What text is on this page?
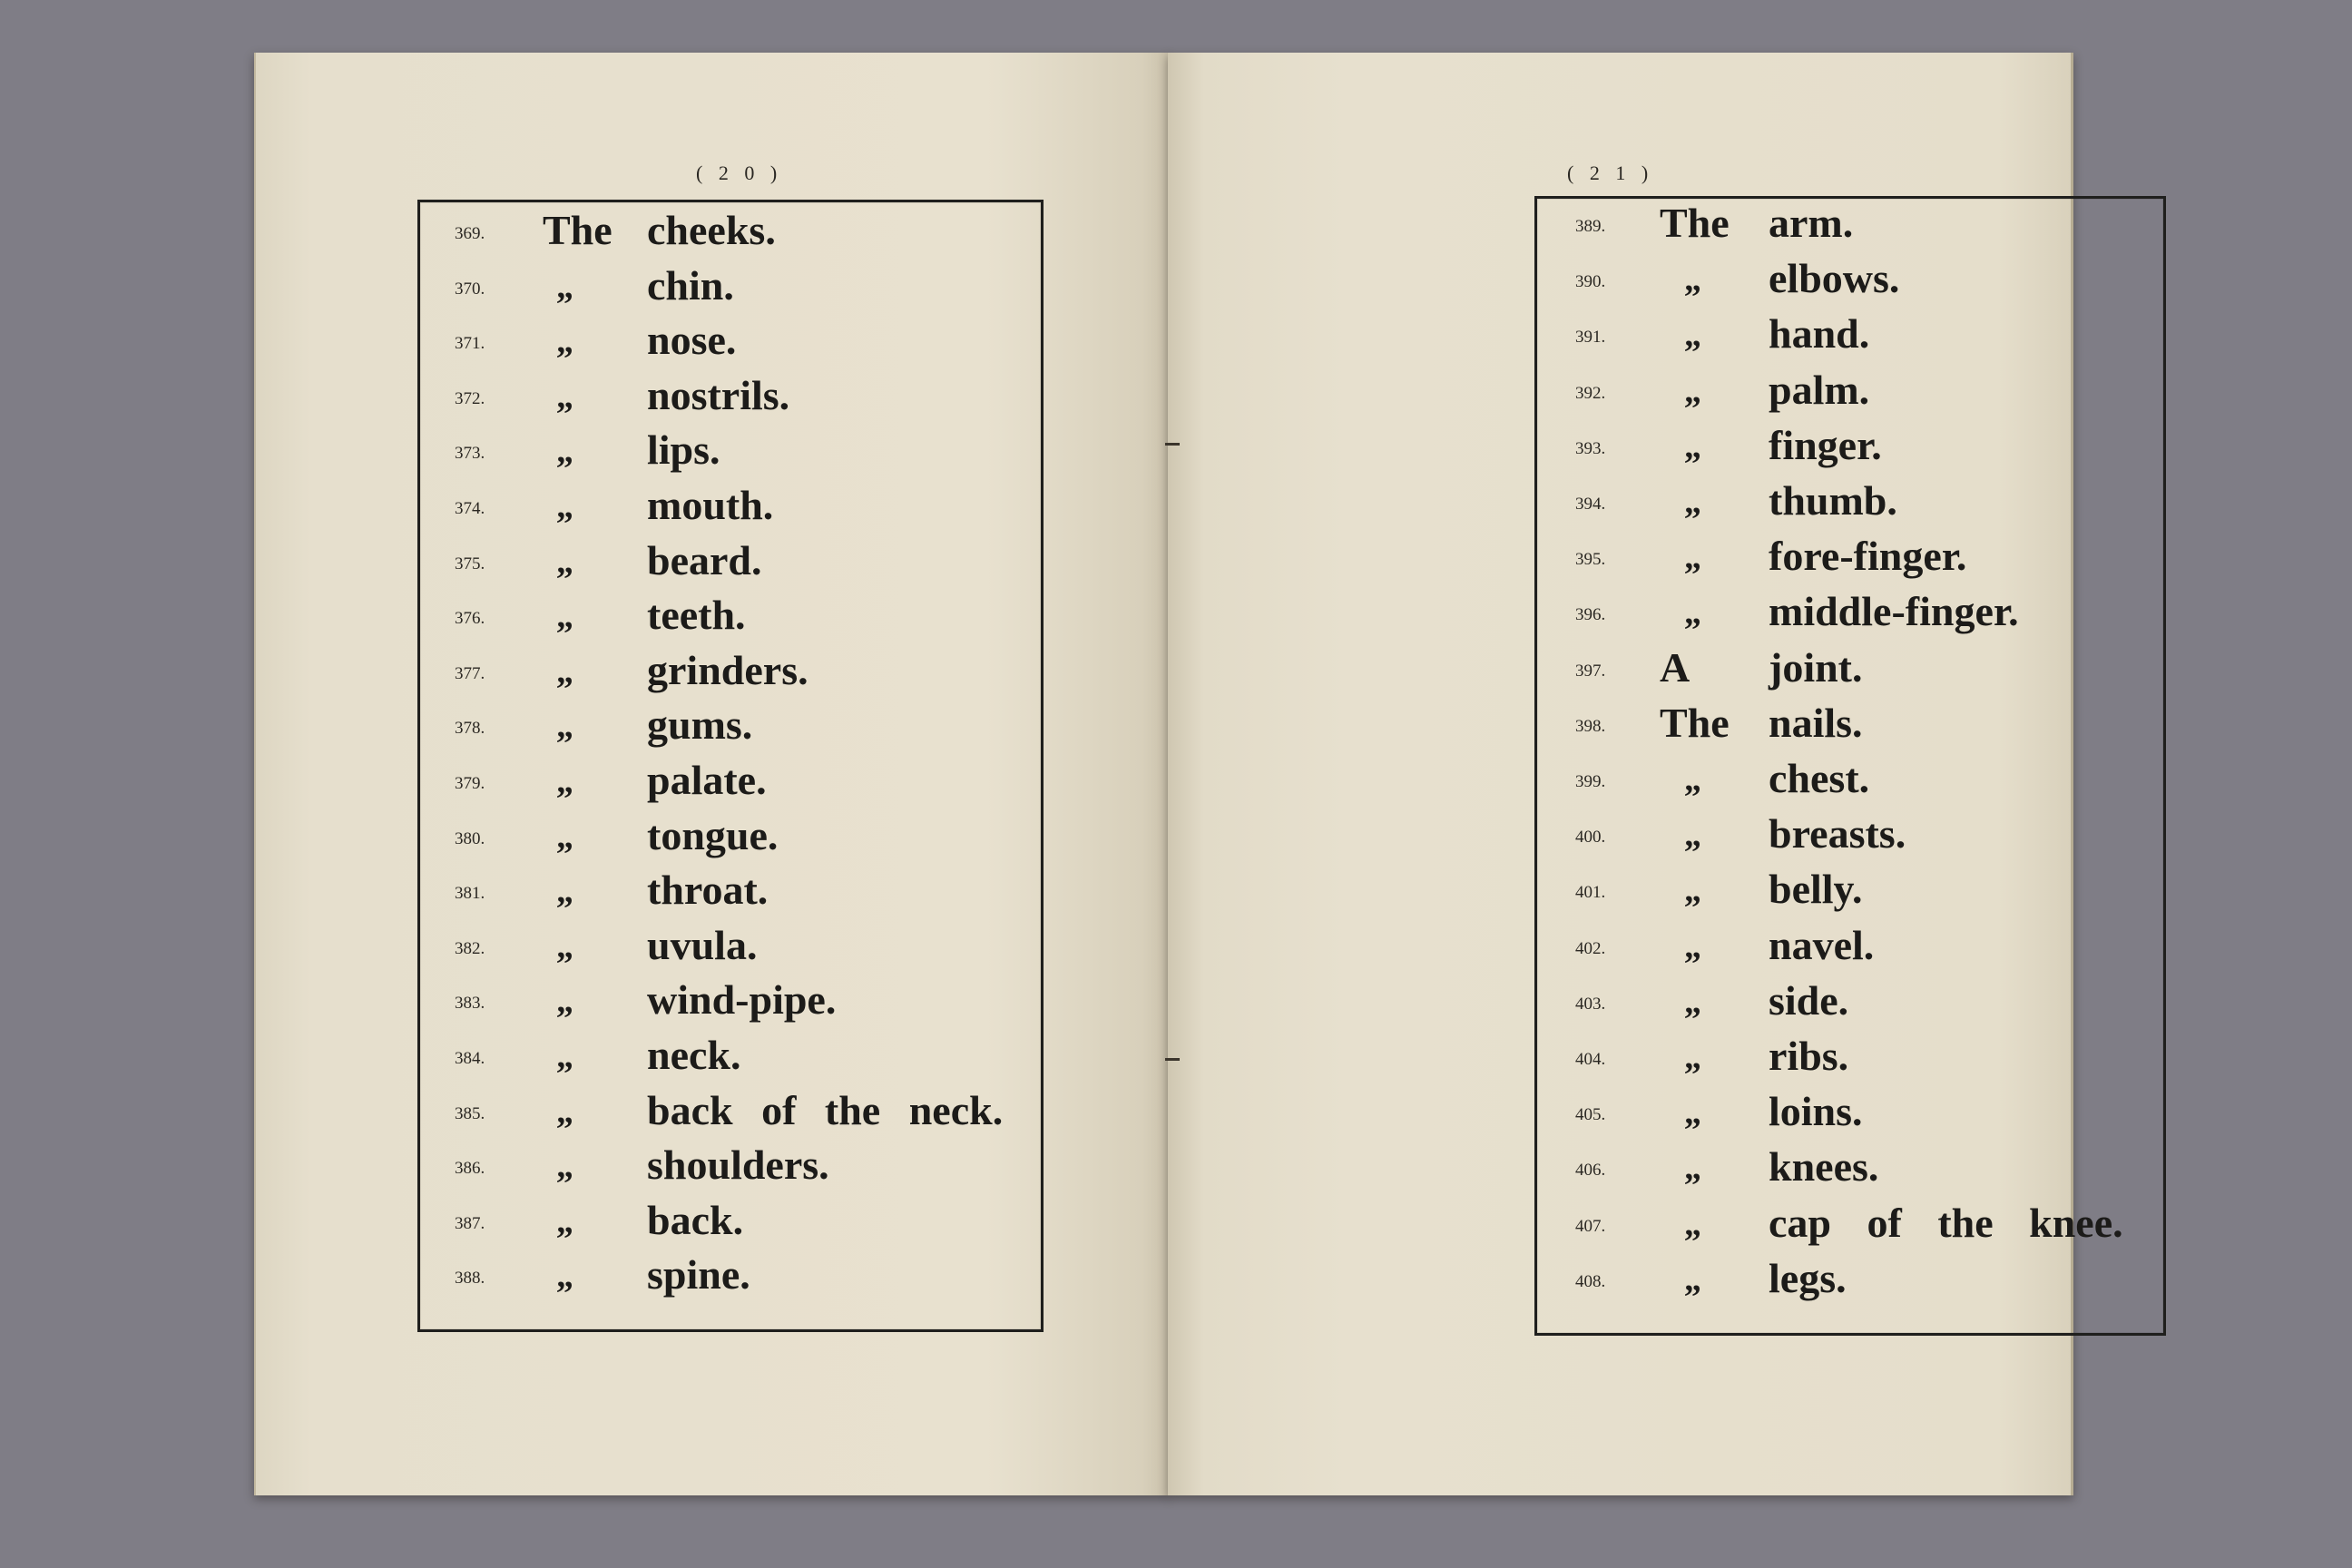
( 2 0 )
369. The cheeks.
370. „ chin.
371. „ nose.
372. „ nostrils.
373. „ lips.
374. „ mouth.
375. „ beard.
376. „ teeth.
377. „ grinders.
378. „ gums.
379. „ palate.
380. „ tongue.
381. „ throat.
382. „ uvula.
383. „ wind-pipe.
384. „ neck.
385. „ back of the neck.
386. „ shoulders.
387. „ back.
388. „ spine.
( 2 1 )
389. The arm.
390. „ elbows.
391. „ hand.
392. „ palm.
393. „ finger.
394. „ thumb.
395. „ fore-finger.
396. „ middle-finger.
397. A joint.
398. The nails.
399. „ chest.
400. „ breasts.
401. „ belly.
402. „ navel.
403. „ side.
404. „ ribs.
405. „ loins.
406. „ knees.
407. „ cap of the knee.
408. „ legs.
